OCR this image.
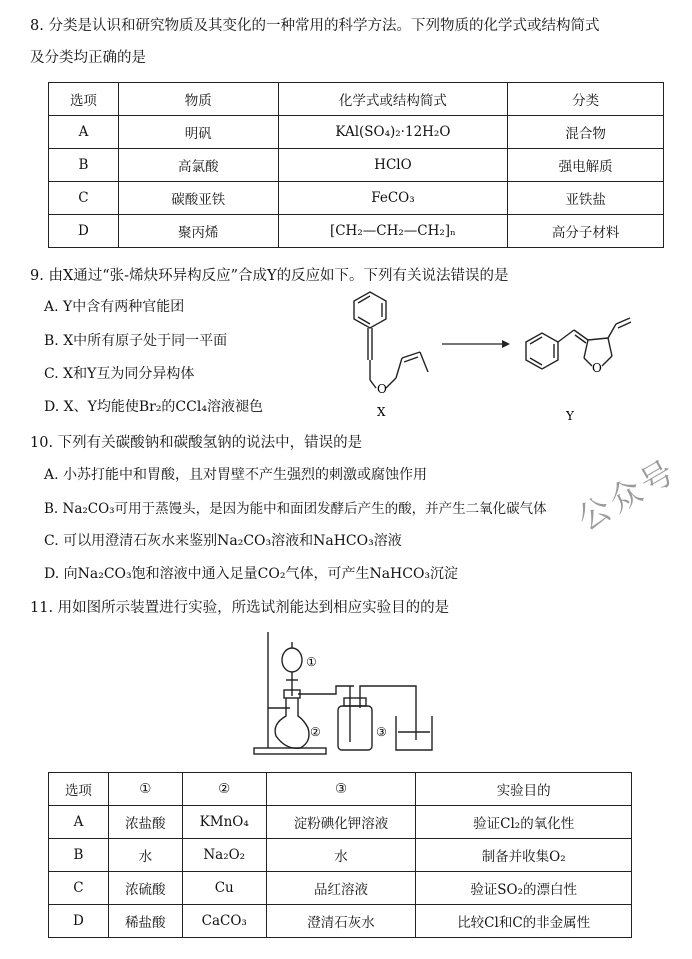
8. 分类是认识和研究物质及其变化的一种常用的科学方法。下列物质的化学式或结构简式
及分类均正确的是
选项	物质	化学式或结构简式	分类
A	明矾	KAl(SO₄)₂·12H₂O	混合物
B	高氯酸	HClO	强电解质
C	碳酸亚铁	FeCO₃	亚铁盐
D	聚丙烯	[CH₂—CH₂—CH₂]ₙ	高分子材料
9. 由X通过“张-烯炔环异构反应”合成Y的反应如下。下列有关说法错误的是
A. Y中含有两种官能团
B. X中所有原子处于同一平面
C. X和Y互为同分异构体
D. X、Y均能使Br₂的CCl₄溶液褪色
O
X
O
Y
10. 下列有关碳酸钠和碳酸氢钠的说法中，错误的是
A. 小苏打能中和胃酸，且对胃壁不产生强烈的刺激或腐蚀作用
B. Na₂CO₃可用于蒸馒头，是因为能中和面团发酵后产生的酸，并产生二氧化碳气体
C. 可以用澄清石灰水来鉴别Na₂CO₃溶液和NaHCO₃溶液
D. 向Na₂CO₃饱和溶液中通入足量CO₂气体，可产生NaHCO₃沉淀
公众号
11. 用如图所示装置进行实验，所选试剂能达到相应实验目的的是
①
②	③
选项	①	②	③	实验目的
A	浓盐酸	KMnO₄	淀粉碘化钾溶液	验证Cl₂的氧化性
B	水	Na₂O₂	水	制备并收集O₂
C	浓硫酸	Cu	品红溶液	验证SO₂的漂白性
D	稀盐酸	CaCO₃	澄清石灰水	比较Cl和C的非金属性
